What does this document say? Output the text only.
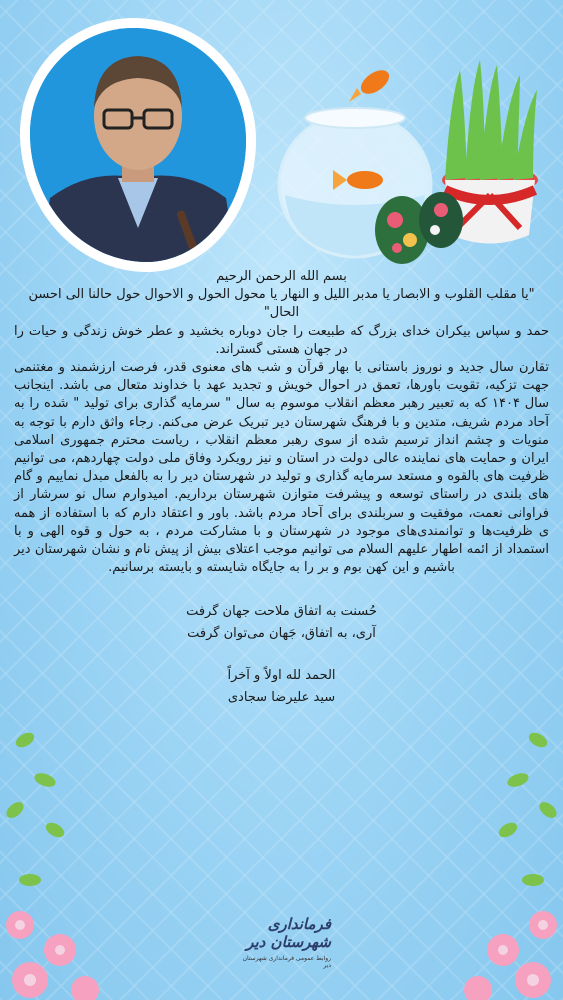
بسم الله الرحمن الرحیم

"یا مقلب القلوب و الابصار یا مدبر اللیل و النهار یا محول الحول و الاحوال حول حالنا الی احسن الحال"

حمد و سپاس بیکران خدای بزرگ که طبیعت را جان دوباره بخشید و عطر خوش زندگی و حیات را در جهان هستی گستراند.

تقارن سال جدید و نوروز باستانی با بهار قرآن و شب های معنوی قدر، فرصت ارزشمند و مغتنمی جهت تزکیه، تقویت باورها، تعمق در احوال خویش و تجدید عهد با خداوند متعال می باشد. اینجانب سال ۱۴۰۴ که به تعبیر رهبر معظم انقلاب موسوم به سال " سرمایه گذاری برای تولید " شده را به آحاد مردم شریف، متدین و با فرهنگ شهرستان دیر تبریک عرض می‌کنم. رجاء واثق دارم با توجه به منویات و چشم انداز ترسیم شده از سوی رهبر معظم انقلاب ، ریاست محترم جمهوری اسلامی ایران و حمایت های نماینده عالی دولت در استان و نیز رویکرد وفاق ملی دولت چهاردهم، می توانیم ظرفیت های بالقوه و مستعد سرمایه گذاری و تولید در شهرستان دیر را به بالفعل مبدل نماییم و گام های بلندی در راستای توسعه و پیشرفت متوازن شهرستان برداریم. امیدوارم سال نو سرشار از فراوانی نعمت، موفقیت و سربلندی برای آحاد مردم باشد. باور و اعتقاد دارم که با استفاده از همه ی ظرفیت‌ها و توانمندی‌های موجود در شهرستان و با مشارکت مردم ، به حول و قوه الهی و با استمداد از ائمه اطهار علیهم السلام می توانیم موجب اعتلای بیش از پیش نام و نشان شهرستان دیر باشیم و این کهن بوم و بر را به جایگاه شایسته و بایسته برسانیم.

حُسنت به اتفاق ملاحت جهان گرفت

آری، به اتفاق، جَهان می‌توان گرفت

الحمد لله اولاً و آخراً

سید علیرضا سجادی

فرمانداری شهرستان دیر
روابط عمومی فرمانداری شهرستان دیر
